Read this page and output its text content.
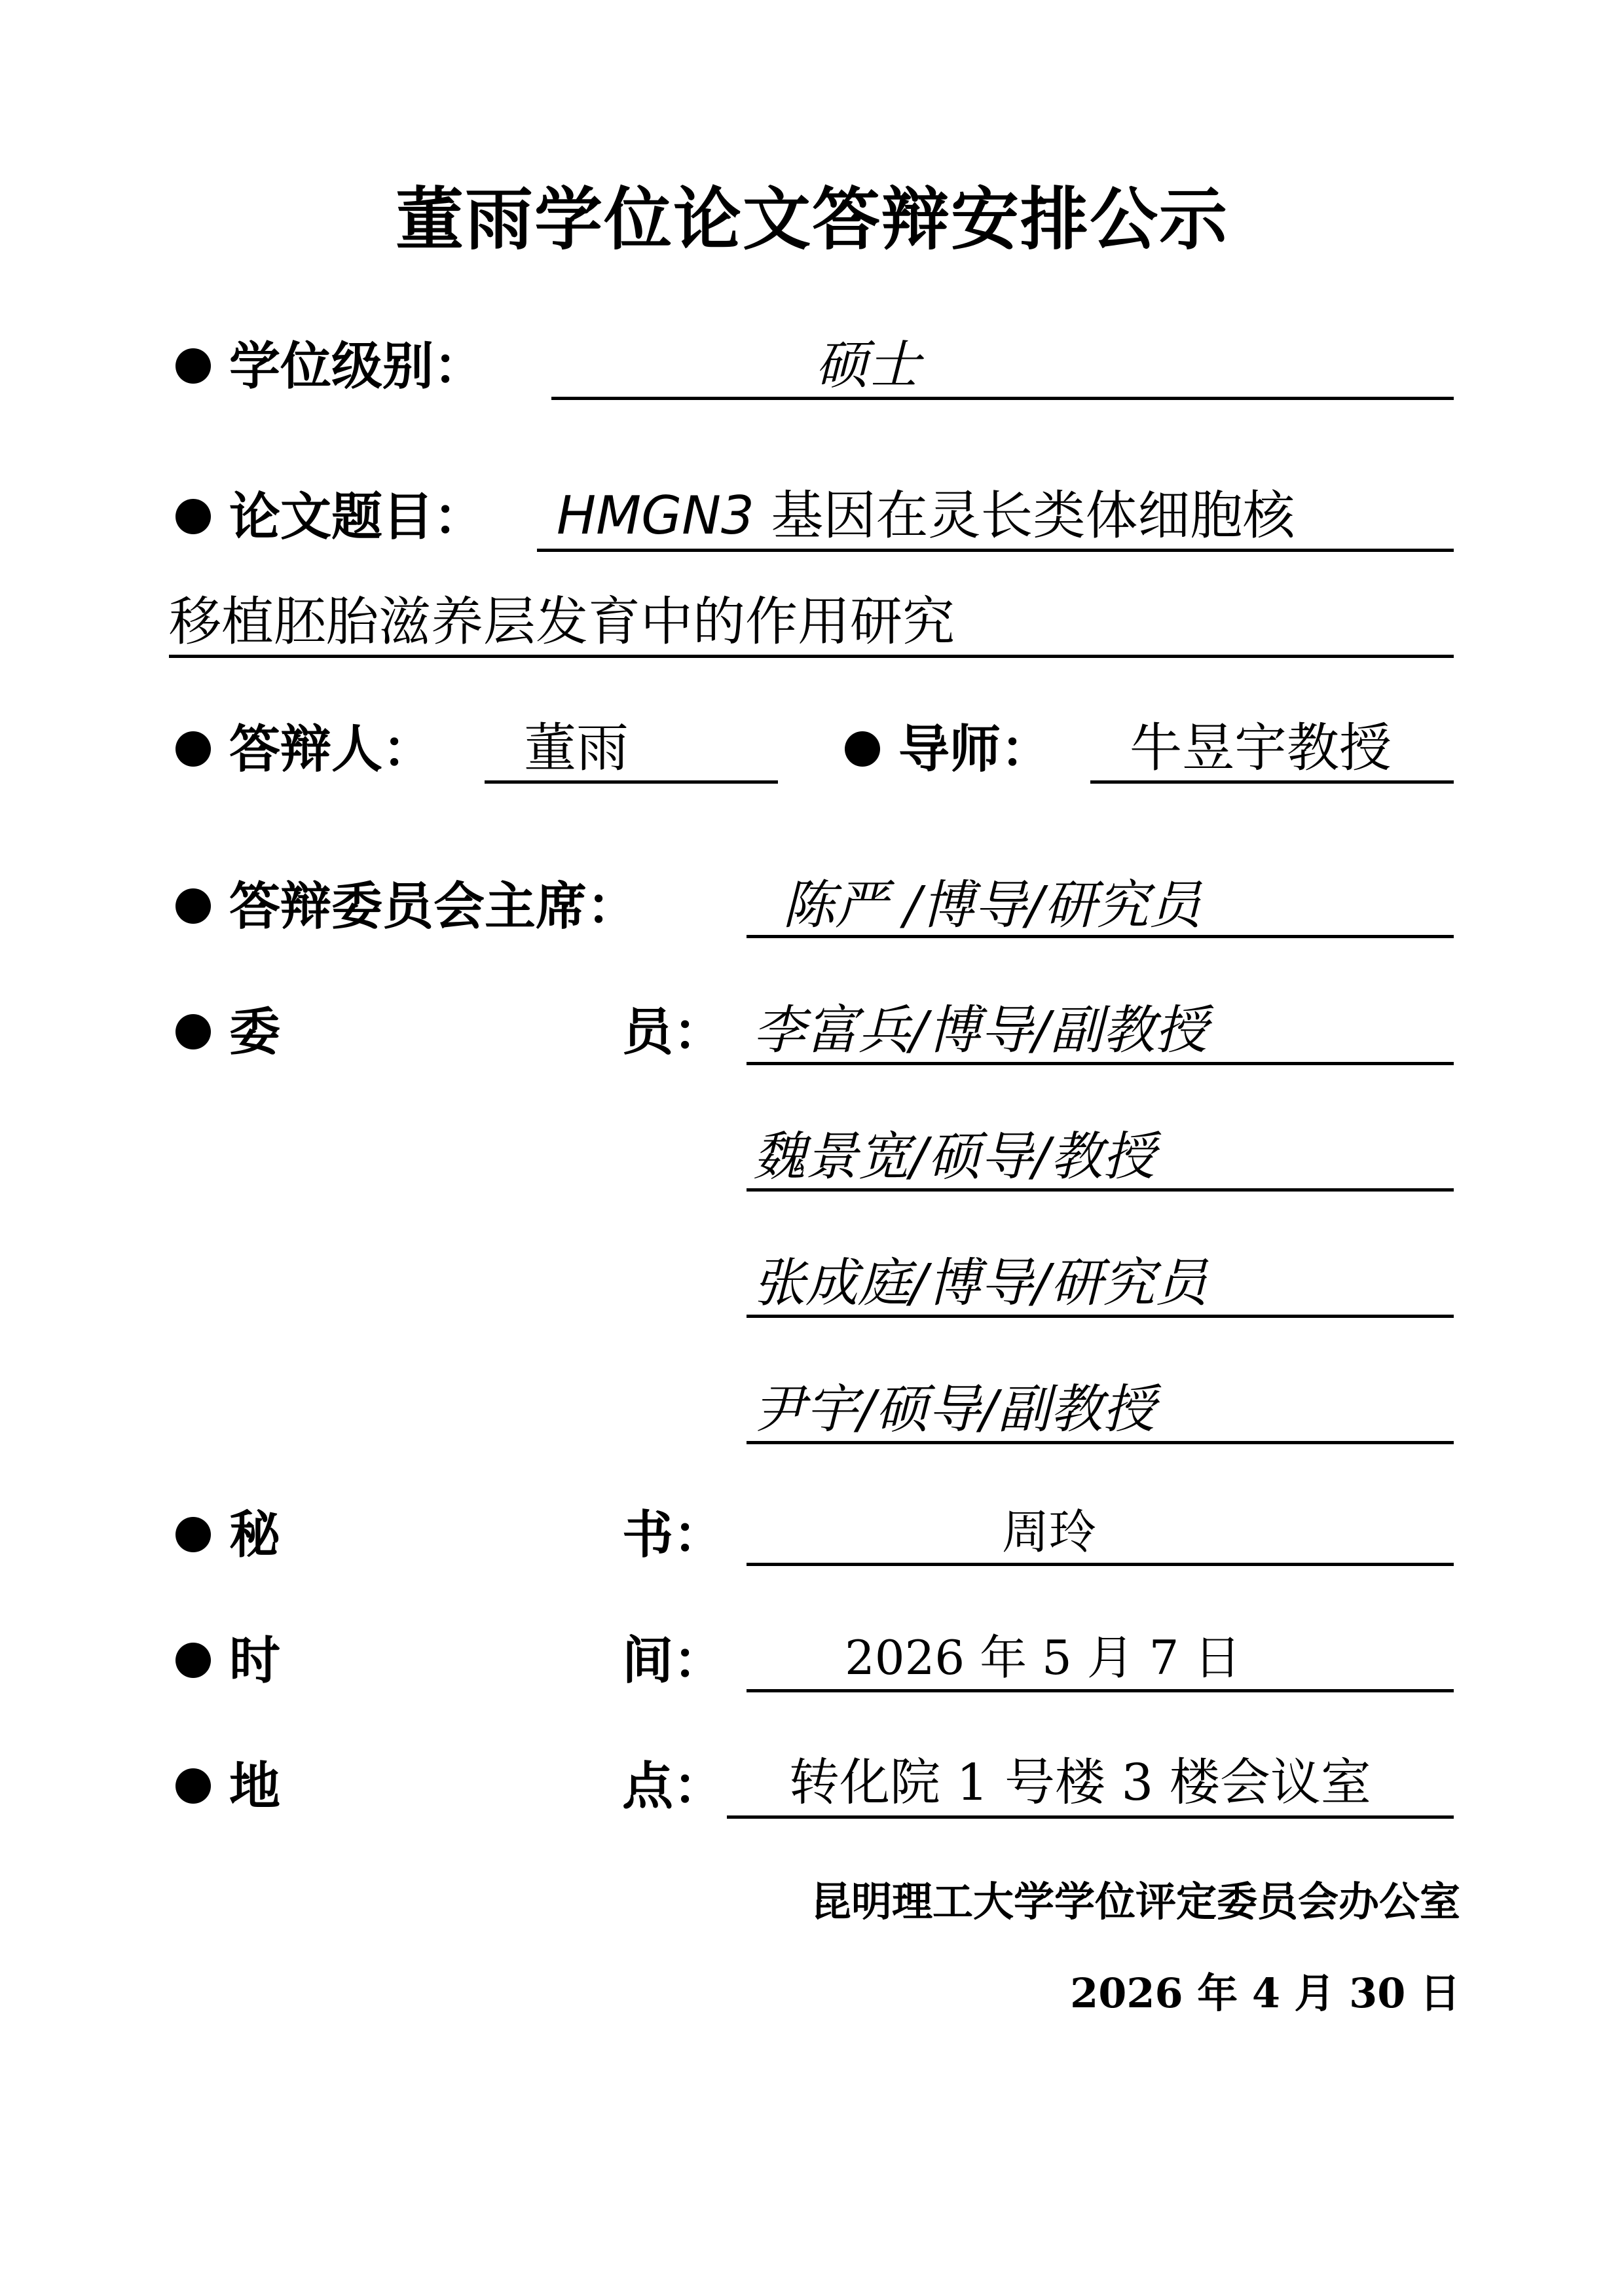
董雨学位论文答辩安排公示
学位级别：	硕士
论文题目： HMGN3 基因在灵长类体细胞核
移植胚胎滋养层发育中的作用研究
答辩人： 董雨	导师： 牛昱宇教授
答辩委员会主席：	陈严 /博导/研究员
委	员： 李富兵/博导/副教授
魏景宽/硕导/教授
张成庭/博导/研究员
尹宇/硕导/副教授
秘	书：	周玲
时	间：	2026 年 5 月 7 日
地	点： 转化院 1 号楼 3 楼会议室
昆明理工大学学位评定委员会办公室
2026 年 4 月 30 日
